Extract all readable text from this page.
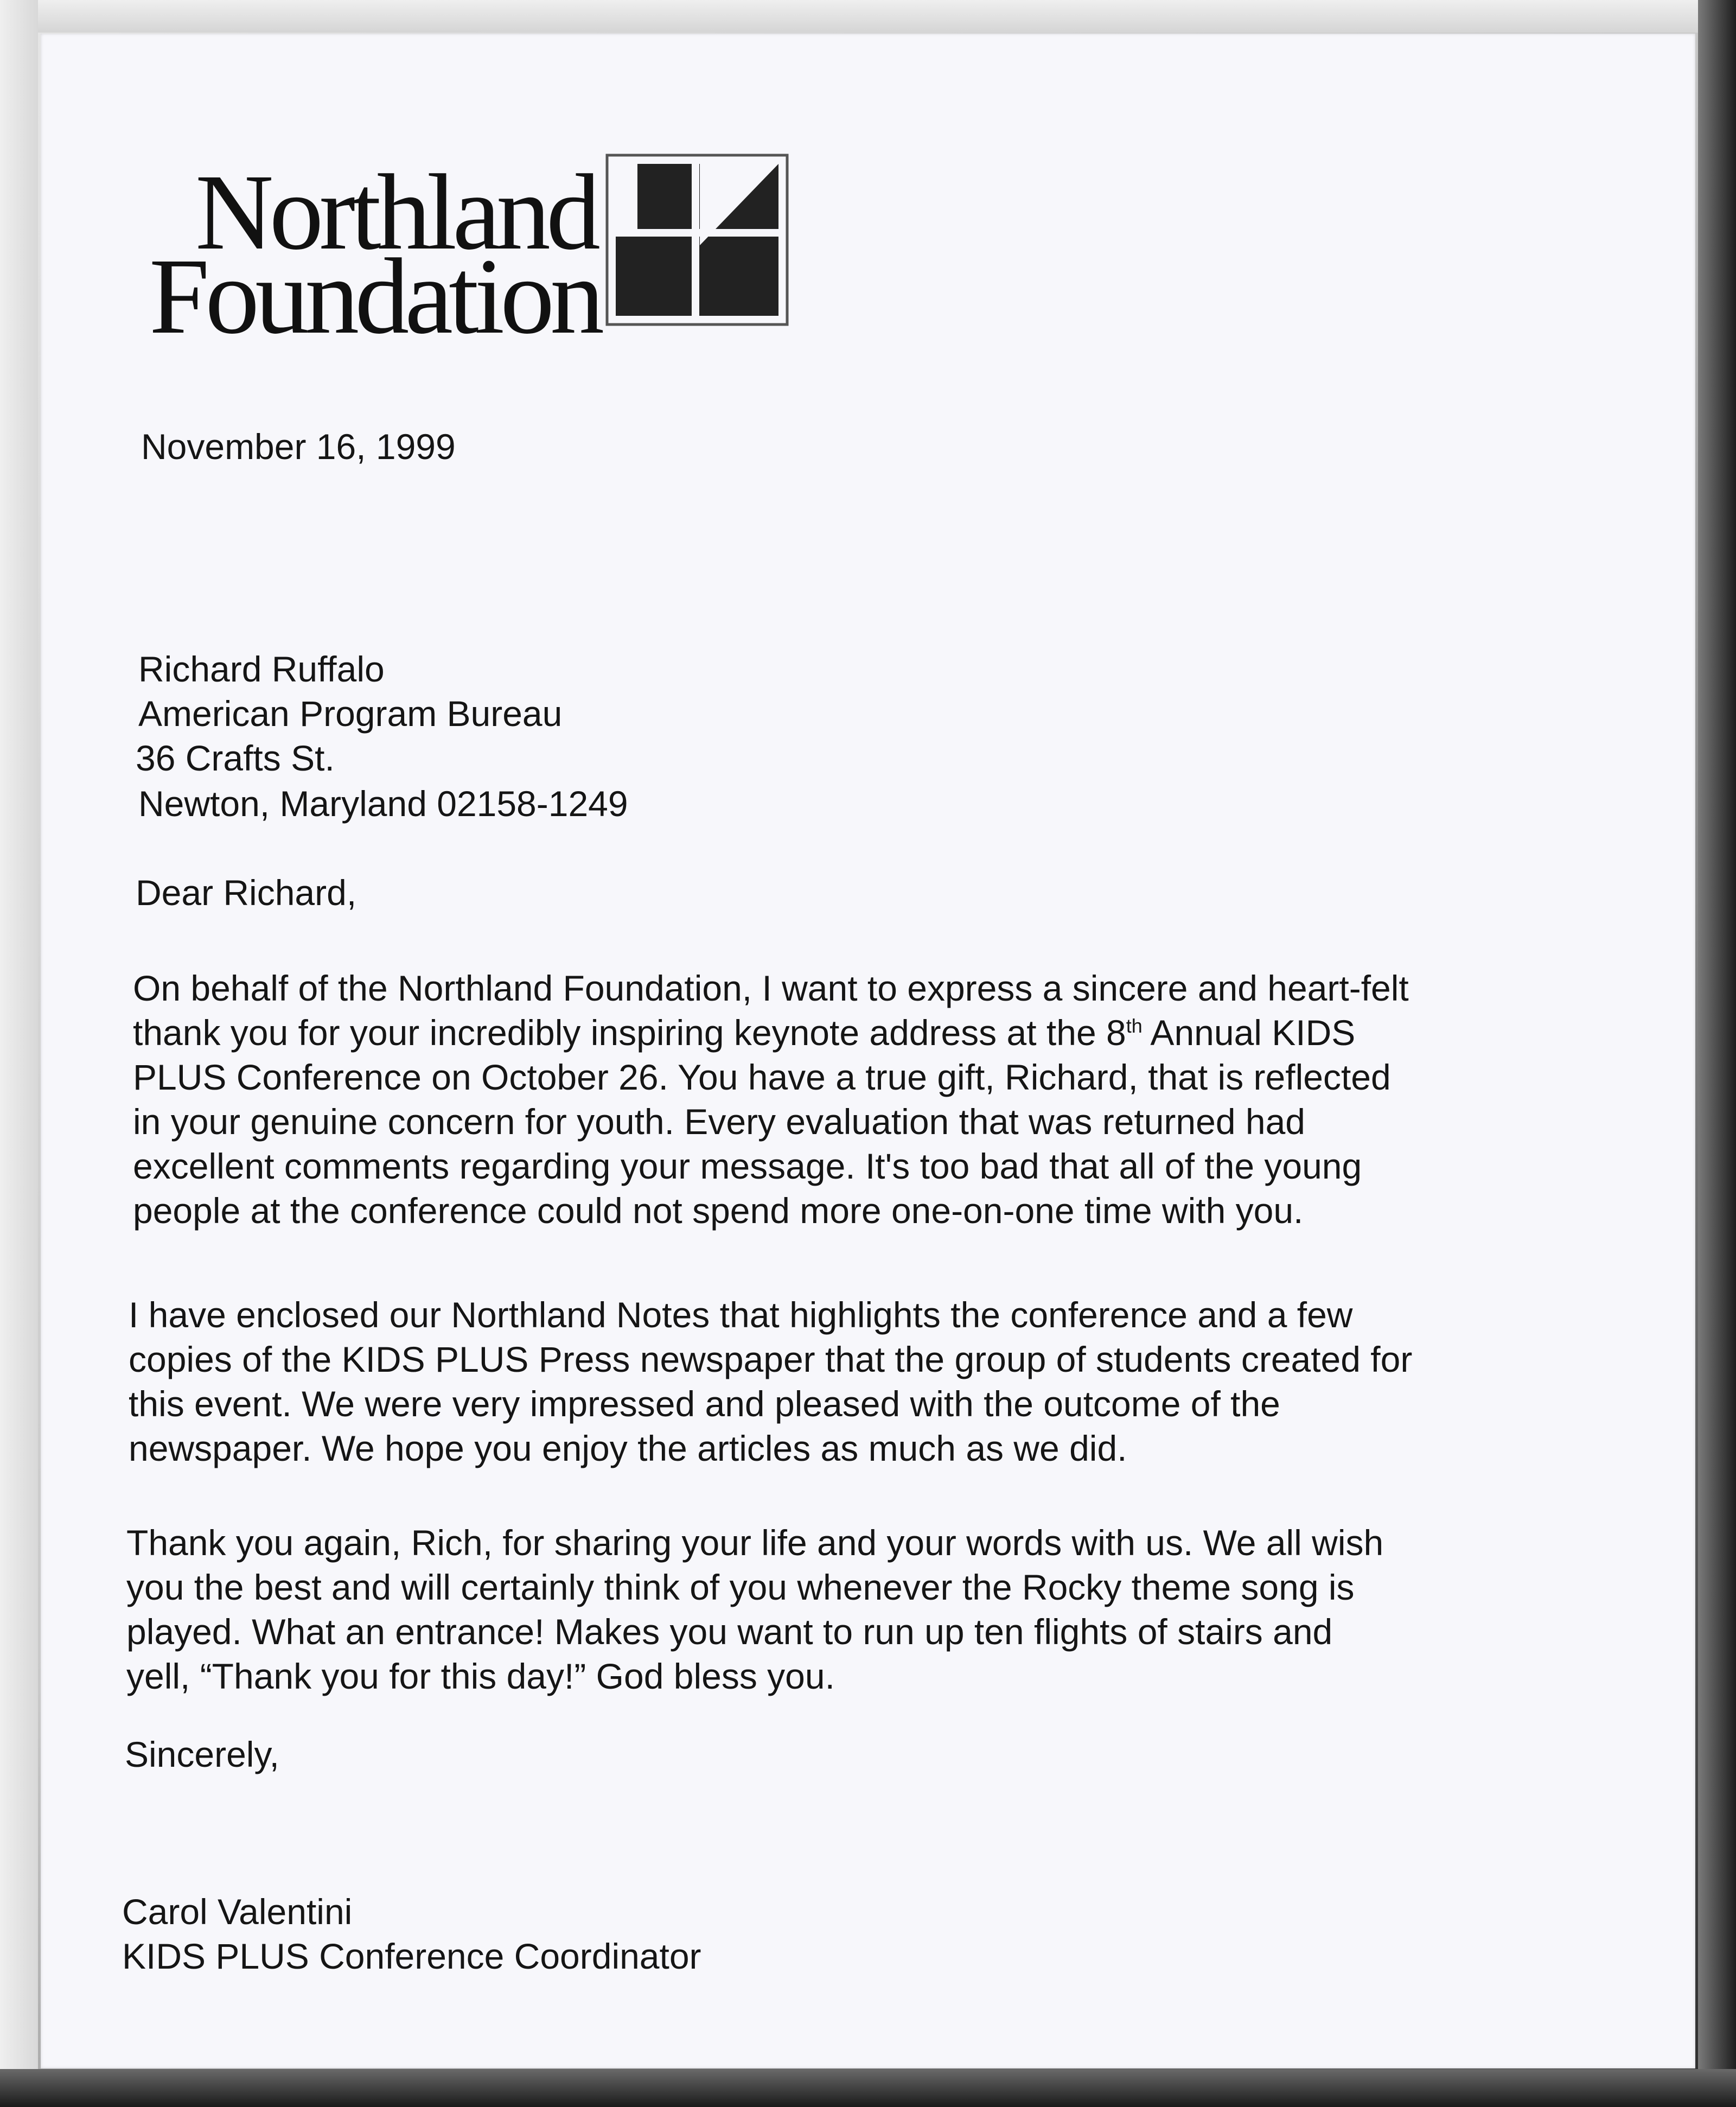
Northland
Foundation
November 16, 1999
Richard Ruffalo
American Program Bureau
36 Crafts St.
Newton, Maryland 02158-1249
Dear Richard,
On behalf of the Northland Foundation, I want to express a sincere and heart-felt
thank you for your incredibly inspiring keynote address at the 8th Annual KIDS
PLUS Conference on October 26. You have a true gift, Richard, that is reflected
in your genuine concern for youth. Every evaluation that was returned had
excellent comments regarding your message. It's too bad that all of the young
people at the conference could not spend more one-on-one time with you.
I have enclosed our Northland Notes that highlights the conference and a few
copies of the KIDS PLUS Press newspaper that the group of students created for
this event. We were very impressed and pleased with the outcome of the
newspaper. We hope you enjoy the articles as much as we did.
Thank you again, Rich, for sharing your life and your words with us. We all wish
you the best and will certainly think of you whenever the Rocky theme song is
played. What an entrance! Makes you want to run up ten flights of stairs and
yell, “Thank you for this day!” God bless you.
Sincerely,
Carol Valentini
KIDS PLUS Conference Coordinator
